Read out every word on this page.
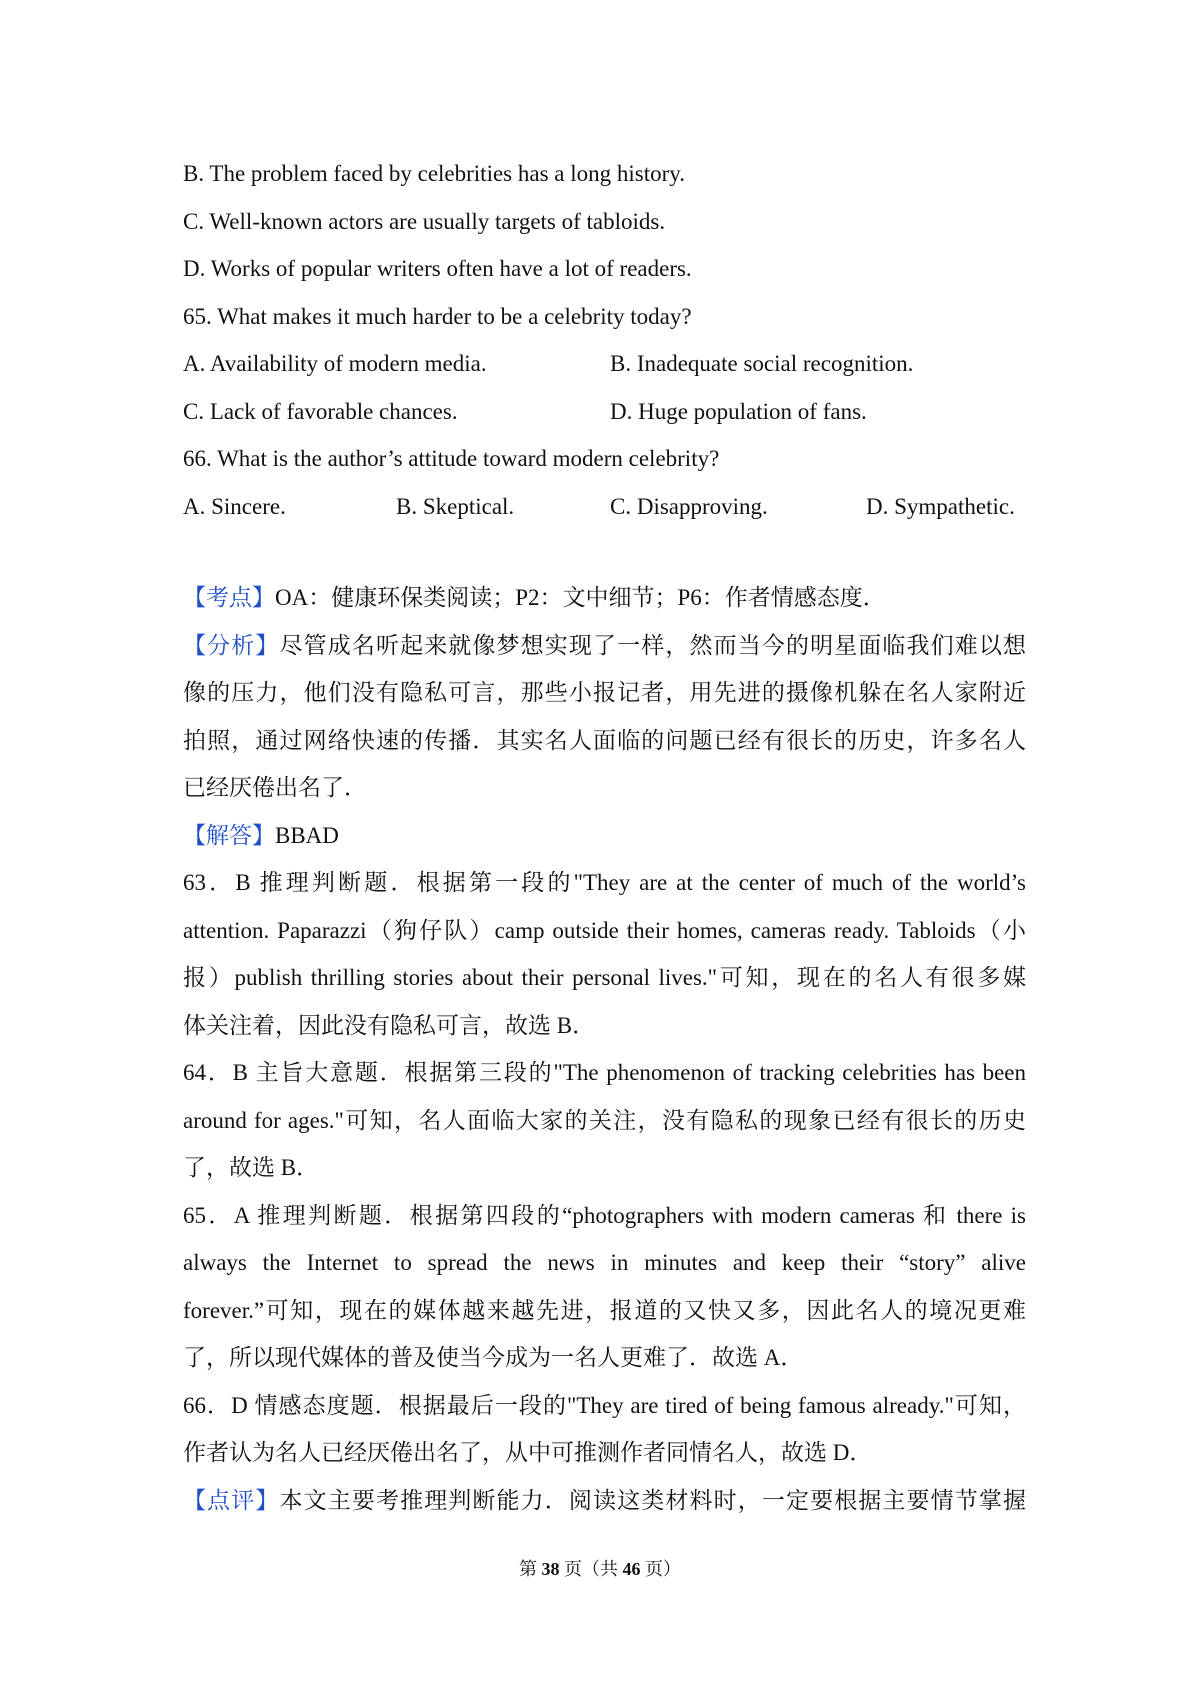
B. The problem faced by celebrities has a long history.
C. Well-known actors are usually targets of tabloids.
D. Works of popular writers often have a lot of readers.
65. What makes it much harder to be a celebrity today?
A. Availability of modern media.	B. Inadequate social recognition.
C. Lack of favorable chances.	D. Huge population of fans.
66. What is the author’s attitude toward modern celebrity?
A. Sincere.	B. Skeptical.	C. Disapproving.	D. Sympathetic.
【考点】OA：健康环保类阅读；P2：文中细节；P6：作者情感态度．
【分析】尽管成名听起来就像梦想实现了一样，然而当今的明星面临我们难以想
像的压力，他们没有隐私可言，那些小报记者，用先进的摄像机躲在名人家附近
拍照，通过网络快速的传播．其实名人面临的问题已经有很长的历史，许多名人
已经厌倦出名了．
【解答】BBAD
63．B 推理判断题．根据第一段的"They are at the center of much of the world’s
attention. Paparazzi（狗仔队）camp outside their homes, cameras ready. Tabloids（小
报）publish thrilling stories about their personal lives."可知，现在的名人有很多媒
体关注着，因此没有隐私可言，故选 B．
64．B 主旨大意题．根据第三段的"The phenomenon of tracking celebrities has been
around for ages."可知，名人面临大家的关注，没有隐私的现象已经有很长的历史
了，故选 B．
65．A 推理判断题．根据第四段的“photographers with modern cameras 和 there is
always the Internet to spread the news in minutes and keep their “story” alive
forever.”可知，现在的媒体越来越先进，报道的又快又多，因此名人的境况更难
了，所以现代媒体的普及使当今成为一名人更难了．故选 A．
66．D 情感态度题．根据最后一段的"They are tired of being famous already."可知，
作者认为名人已经厌倦出名了，从中可推测作者同情名人，故选 D．
【点评】本文主要考推理判断能力．阅读这类材料时，一定要根据主要情节掌握
第 38 页（共 46 页）
